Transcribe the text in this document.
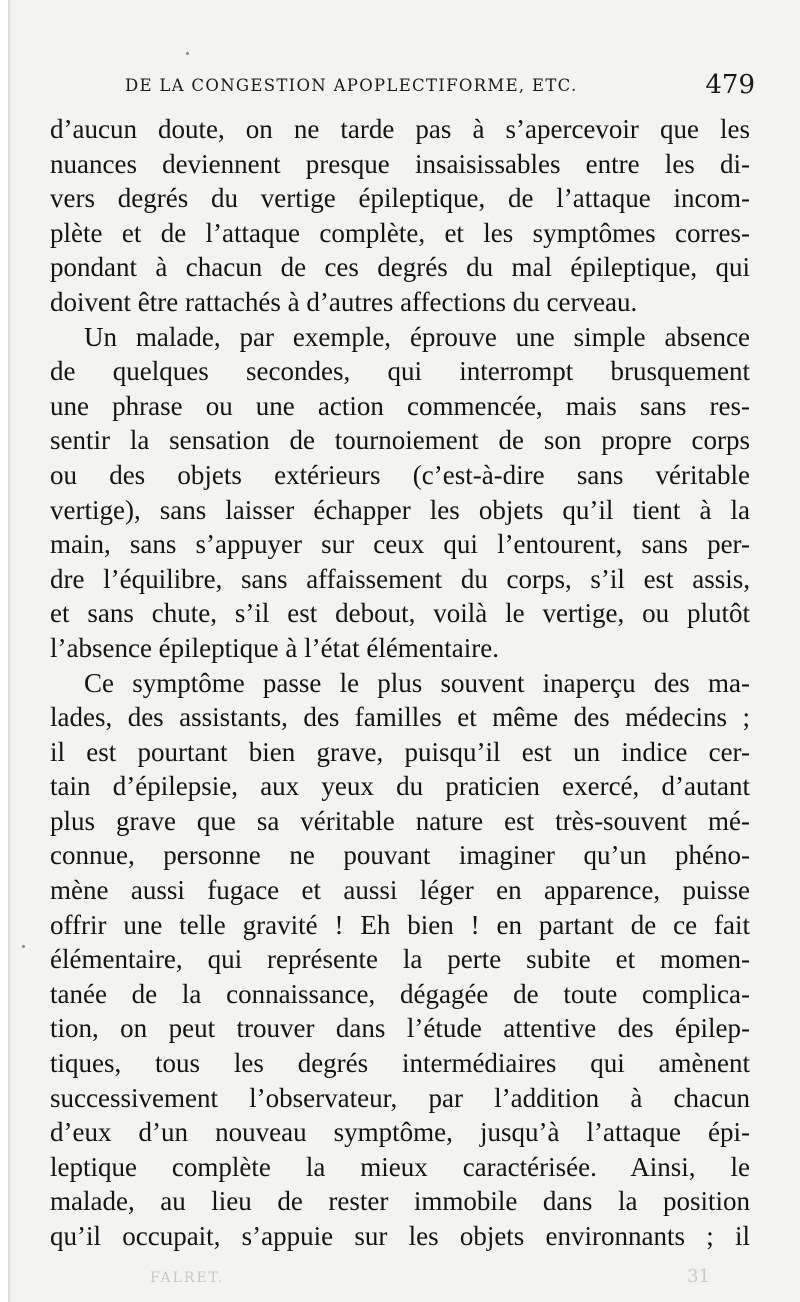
DE LA CONGESTION APOPLECTIFORME, ETC.	479
d’aucun doute, on ne tarde pas à s’apercevoir que les
nuances deviennent presque insaisissables entre les di-
vers degrés du vertige épileptique, de l’attaque incom-
plète et de l’attaque complète, et les symptômes corres-
pondant à chacun de ces degrés du mal épileptique, qui
doivent être rattachés à d’autres affections du cerveau.
Un malade, par exemple, éprouve une simple absence
de quelques secondes, qui interrompt brusquement
une phrase ou une action commencée, mais sans res-
sentir la sensation de tournoiement de son propre corps
ou des objets extérieurs (c’est-à-dire sans véritable
vertige), sans laisser échapper les objets qu’il tient à la
main, sans s’appuyer sur ceux qui l’entourent, sans per-
dre l’équilibre, sans affaissement du corps, s’il est assis,
et sans chute, s’il est debout, voilà le vertige, ou plutôt
l’absence épileptique à l’état élémentaire.
Ce symptôme passe le plus souvent inaperçu des ma-
lades, des assistants, des familles et même des médecins ;
il est pourtant bien grave, puisqu’il est un indice cer-
tain d’épilepsie, aux yeux du praticien exercé, d’autant
plus grave que sa véritable nature est très-souvent mé-
connue, personne ne pouvant imaginer qu’un phéno-
mène aussi fugace et aussi léger en apparence, puisse
offrir une telle gravité ! Eh bien ! en partant de ce fait
élémentaire, qui représente la perte subite et momen-
tanée de la connaissance, dégagée de toute complica-
tion, on peut trouver dans l’étude attentive des épilep-
tiques, tous les degrés intermédiaires qui amènent
successivement l’observateur, par l’addition à chacun
d’eux d’un nouveau symptôme, jusqu’à l’attaque épi-
leptique complète la mieux caractérisée. Ainsi, le
malade, au lieu de rester immobile dans la position
qu’il occupait, s’appuie sur les objets environnants ; il
FALRET.	31
